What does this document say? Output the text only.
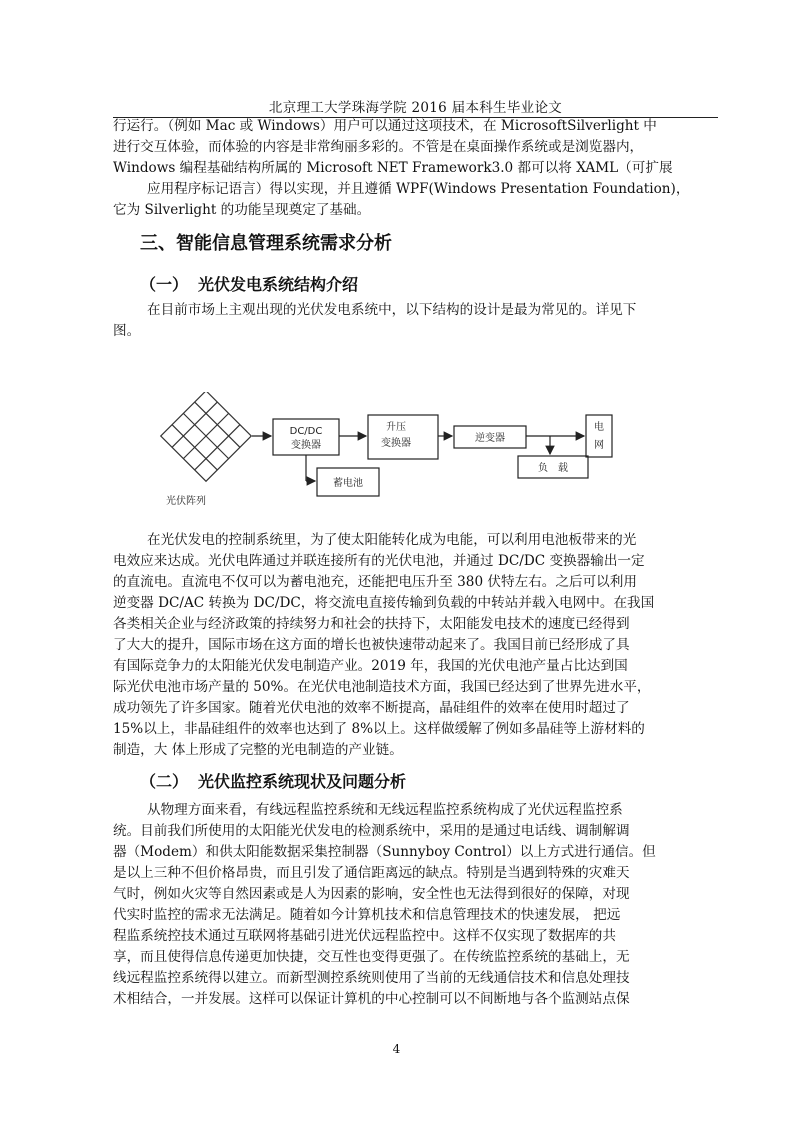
北京理工大学珠海学院 2016 届本科生毕业论文
行运行。（例如 Mac 或 Windows）用户可以通过这项技术，在 MicrosoftSilverlight 中
进行交互体验，而体验的内容是非常绚丽多彩的。不管是在桌面操作系统或是浏览器内，
Windows 编程基础结构所属的 Microsoft NET Framework3.0 都可以将 XAML（可扩展
应用程序标记语言）得以实现，并且遵循 WPF(Windows Presentation Foundation)，
它为 Silverlight 的功能呈现奠定了基础。
三、智能信息管理系统需求分析
（一） 光伏发电系统结构介绍
在目前市场上主观出现的光伏发电系统中，以下结构的设计是最为常见的。详见下
图。
光伏阵列
DC/DC
变换器
升压
变换器	逆变器
电
网
蓄电池
负　载
在光伏发电的控制系统里，为了使太阳能转化成为电能，可以利用电池板带来的光
电效应来达成。光伏电阵通过并联连接所有的光伏电池，并通过 DC/DC 变换器输出一定
的直流电。直流电不仅可以为蓄电池充，还能把电压升至 380 伏特左右。之后可以利用
逆变器 DC/AC 转换为 DC/DC，将交流电直接传输到负载的中转站并载入电网中。在我国
各类相关企业与经济政策的持续努力和社会的扶持下，太阳能发电技术的速度已经得到
了大大的提升，国际市场在这方面的增长也被快速带动起来了。我国目前已经形成了具
有国际竞争力的太阳能光伏发电制造产业。2019 年，我国的光伏电池产量占比达到国
际光伏电池市场产量的 50%。在光伏电池制造技术方面，我国已经达到了世界先进水平，
成功领先了许多国家。随着光伏电池的效率不断提高，晶硅组件的效率在使用时超过了
15%以上，非晶硅组件的效率也达到了 8%以上。这样做缓解了例如多晶硅等上游材料的
制造，大 体上形成了完整的光电制造的产业链。
（二） 光伏监控系统现状及问题分析
从物理方面来看，有线远程监控系统和无线远程监控系统构成了光伏远程监控系
统。目前我们所使用的太阳能光伏发电的检测系统中，采用的是通过电话线、调制解调
器（Modem）和供太阳能数据采集控制器（Sunnyboy Control）以上方式进行通信。但
是以上三种不但价格昂贵，而且引发了通信距离远的缺点。特别是当遇到特殊的灾难天
气时，例如火灾等自然因素或是人为因素的影响，安全性也无法得到很好的保障，对现
代实时监控的需求无法满足。随着如今计算机技术和信息管理技术的快速发展， 把远
程监系统控技术通过互联网将基础引进光伏远程监控中。这样不仅实现了数据库的共
享，而且使得信息传递更加快捷，交互性也变得更强了。在传统监控系统的基础上，无
线远程监控系统得以建立。而新型测控系统则使用了当前的无线通信技术和信息处理技
术相结合，一并发展。这样可以保证计算机的中心控制可以不间断地与各个监测站点保
4
